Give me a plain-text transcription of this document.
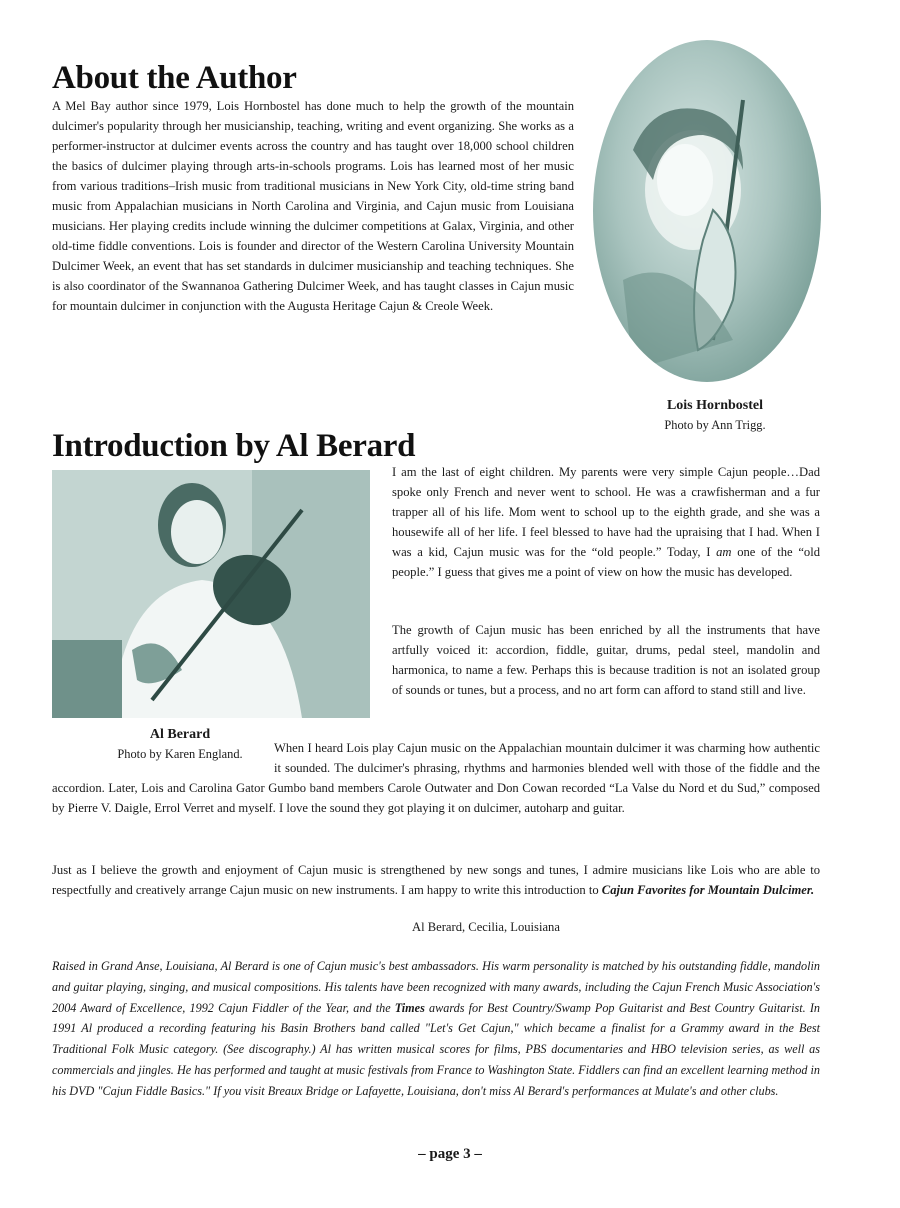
About the Author

A Mel Bay author since 1979, Lois Hornbostel has done much to help the growth of the mountain dulcimer's popularity through her musicianship, teaching, writing and event organizing. She works as a performer-instructor at dulcimer events across the country and has taught over 18,000 school children the basics of dulcimer playing through arts-in-schools programs. Lois has learned most of her music from various traditions–Irish music from traditional musicians in New York City, old-time string band music from Appalachian musicians in North Carolina and Virginia, and Cajun music from Louisiana musicians. Her playing credits include winning the dulcimer competitions at Galax, Virginia, and other old-time fiddle conventions. Lois is founder and director of the Western Carolina University Mountain Dulcimer Week, an event that has set standards in dulcimer musicianship and teaching techniques. She is also coordinator of the Swannanoa Gathering Dulcimer Week, and has taught classes in Cajun music for mountain dulcimer in conjunction with the Augusta Heritage Cajun & Creole Week.

Lois Hornbostel
Photo by Ann Trigg.
Introduction by Al Berard
Al Berard
Photo by Karen England.

I am the last of eight children. My parents were very simple Cajun people…Dad spoke only French and never went to school. He was a crawfisherman and a fur trapper all of his life. Mom went to school up to the eighth grade, and she was a housewife all of her life. I feel blessed to have had the upraising that I had. When I was a kid, Cajun music was for the “old people.” Today, I am one of the “old people.” I guess that gives me a point of view on how the music has developed.

The growth of Cajun music has been enriched by all the instruments that have artfully voiced it: accordion, fiddle, guitar, drums, pedal steel, mandolin and harmonica, to name a few. Perhaps this is because tradition is not an isolated group of sounds or tunes, but a process, and no art form can afford to stand still and live.

When I heard Lois play Cajun music on the Appalachian mountain dulcimer it was charming how authentic it sounded. The dulcimer's phrasing, rhythms and harmonies blended well with those of the fiddle and the accordion. Later, Lois and Carolina Gator Gumbo band members Carole Outwater and Don Cowan recorded “La Valse du Nord et du Sud,” composed by Pierre V. Daigle, Errol Verret and myself. I love the sound they got playing it on dulcimer, autoharp and guitar.

Just as I believe the growth and enjoyment of Cajun music is strengthened by new songs and tunes, I admire musicians like Lois who are able to respectfully and creatively arrange Cajun music on new instruments. I am happy to write this introduction to Cajun Favorites for Mountain Dulcimer.

Al Berard, Cecilia, Louisiana

Raised in Grand Anse, Louisiana, Al Berard is one of Cajun music's best ambassadors. His warm personality is matched by his outstanding fiddle, mandolin and guitar playing, singing, and musical compositions. His talents have been recognized with many awards, including the Cajun French Music Association's 2004 Award of Excellence, 1992 Cajun Fiddler of the Year, and the Times awards for Best Country/Swamp Pop Guitarist and Best Country Guitarist. In 1991 Al produced a recording featuring his Basin Brothers band called "Let's Get Cajun," which became a finalist for a Grammy award in the Best Traditional Folk Music category. (See discography.) Al has written musical scores for films, PBS documentaries and HBO television series, as well as commercials and jingles. He has performed and taught at music festivals from France to Washington State. Fiddlers can find an excellent learning method in his DVD "Cajun Fiddle Basics." If you visit Breaux Bridge or Lafayette, Louisiana, don't miss Al Berard's performances at Mulate's and other clubs.

– page 3 –
